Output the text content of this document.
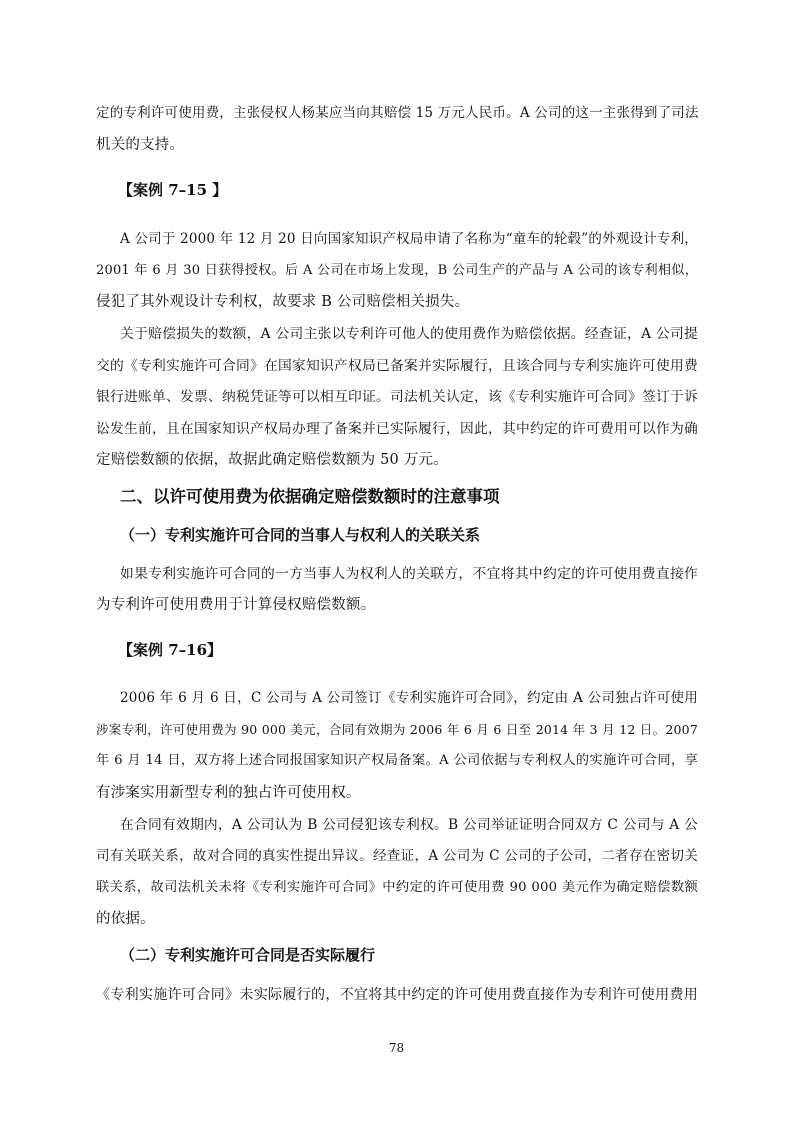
定的专利许可使用费，主张侵权人杨某应当向其赔偿 15 万元人民币。A 公司的这一主张得到了司法
机关的支持。
【案例 7–15 】
A 公司于 2000 年 12 月 20 日向国家知识产权局申请了名称为“童车的轮毂”的外观设计专利，
2001 年 6 月 30 日获得授权。后 A 公司在市场上发现，B 公司生产的产品与 A 公司的该专利相似，
侵犯了其外观设计专利权，故要求 B 公司赔偿相关损失。
关于赔偿损失的数额，A 公司主张以专利许可他人的使用费作为赔偿依据。经查证，A 公司提
交的《专利实施许可合同》在国家知识产权局已备案并实际履行，且该合同与专利实施许可使用费
银行进账单、发票、纳税凭证等可以相互印证。司法机关认定，该《专利实施许可合同》签订于诉
讼发生前，且在国家知识产权局办理了备案并已实际履行，因此，其中约定的许可费用可以作为确
定赔偿数额的依据，故据此确定赔偿数额为 50 万元。
二、以许可使用费为依据确定赔偿数额时的注意事项
（一）专利实施许可合同的当事人与权利人的关联关系
如果专利实施许可合同的一方当事人为权利人的关联方，不宜将其中约定的许可使用费直接作
为专利许可使用费用于计算侵权赔偿数额。
【案例 7–16】
2006 年 6 月 6 日，C 公司与 A 公司签订《专利实施许可合同》，约定由 A 公司独占许可使用
涉案专利，许可使用费为 90 000 美元，合同有效期为 2006 年 6 月 6 日至 2014 年 3 月 12 日。2007
年 6 月 14 日，双方将上述合同报国家知识产权局备案。A 公司依据与专利权人的实施许可合同，享
有涉案实用新型专利的独占许可使用权。
在合同有效期内，A 公司认为 B 公司侵犯该专利权。B 公司举证证明合同双方 C 公司与 A 公
司有关联关系，故对合同的真实性提出异议。经查证，A 公司为 C 公司的子公司，二者存在密切关
联关系，故司法机关未将《专利实施许可合同》中约定的许可使用费 90 000 美元作为确定赔偿数额
的依据。
（二）专利实施许可合同是否实际履行
《专利实施许可合同》未实际履行的，不宜将其中约定的许可使用费直接作为专利许可使用费用
78
